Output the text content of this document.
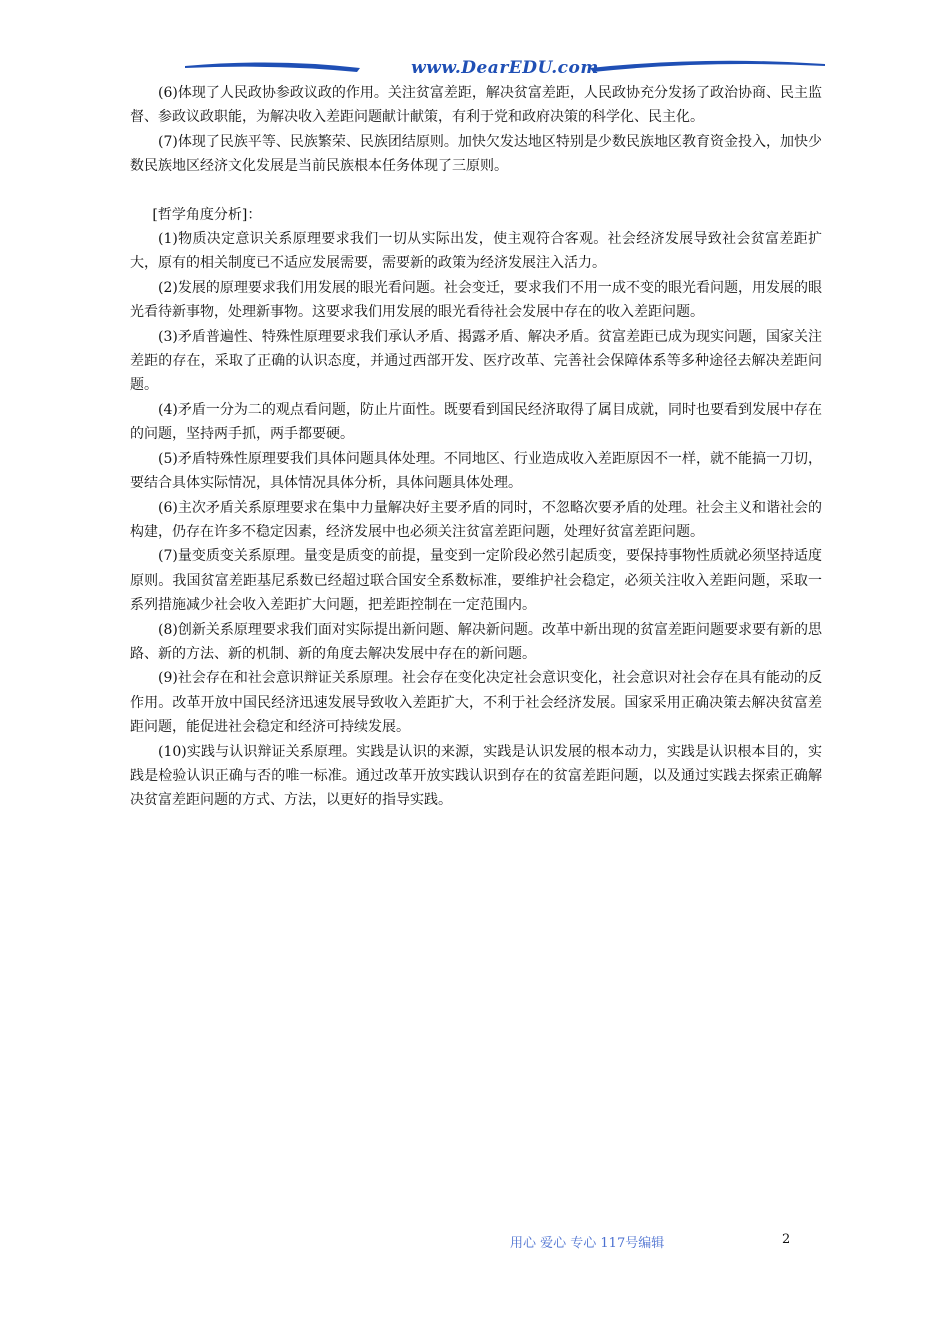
www.DearEDU.com

(6)体现了人民政协参政议政的作用。关注贫富差距，解决贫富差距，人民政协充分发扬了政治协商、民主监督、参政议政职能，为解决收入差距问题献计献策，有利于党和政府决策的科学化、民主化。

(7)体现了民族平等、民族繁荣、民族团结原则。加快欠发达地区特别是少数民族地区教育资金投入，加快少数民族地区经济文化发展是当前民族根本任务体现了三原则。

[哲学角度分析]：

(1)物质决定意识关系原理要求我们一切从实际出发，使主观符合客观。社会经济发展导致社会贫富差距扩大，原有的相关制度已不适应发展需要，需要新的政策为经济发展注入活力。

(2)发展的原理要求我们用发展的眼光看问题。社会变迁，要求我们不用一成不变的眼光看问题，用发展的眼光看待新事物，处理新事物。这要求我们用发展的眼光看待社会发展中存在的收入差距问题。

(3)矛盾普遍性、特殊性原理要求我们承认矛盾、揭露矛盾、解决矛盾。贫富差距已成为现实问题，国家关注差距的存在，采取了正确的认识态度，并通过西部开发、医疗改革、完善社会保障体系等多种途径去解决差距问题。

(4)矛盾一分为二的观点看问题，防止片面性。既要看到国民经济取得了属目成就，同时也要看到发展中存在的问题，坚持两手抓，两手都要硬。

(5)矛盾特殊性原理要我们具体问题具体处理。不同地区、行业造成收入差距原因不一样，就不能搞一刀切，要结合具体实际情况，具体情况具体分析，具体问题具体处理。

(6)主次矛盾关系原理要求在集中力量解决好主要矛盾的同时，不忽略次要矛盾的处理。社会主义和谐社会的构建，仍存在许多不稳定因素，经济发展中也必须关注贫富差距问题，处理好贫富差距问题。

(7)量变质变关系原理。量变是质变的前提，量变到一定阶段必然引起质变，要保持事物性质就必须坚持适度原则。我国贫富差距基尼系数已经超过联合国安全系数标准，要维护社会稳定，必须关注收入差距问题，采取一系列措施减少社会收入差距扩大问题，把差距控制在一定范围内。

(8)创新关系原理要求我们面对实际提出新问题、解决新问题。改革中新出现的贫富差距问题要求要有新的思路、新的方法、新的机制、新的角度去解决发展中存在的新问题。

(9)社会存在和社会意识辩证关系原理。社会存在变化决定社会意识变化，社会意识对社会存在具有能动的反作用。改革开放中国民经济迅速发展导致收入差距扩大，不利于社会经济发展。国家采用正确决策去解决贫富差距问题，能促进社会稳定和经济可持续发展。

(10)实践与认识辩证关系原理。实践是认识的来源，实践是认识发展的根本动力，实践是认识根本目的，实践是检验认识正确与否的唯一标准。通过改革开放实践认识到存在的贫富差距问题，以及通过实践去探索正确解决贫富差距问题的方式、方法，以更好的指导实践。

用心 爱心 专心 117号编辑	2
